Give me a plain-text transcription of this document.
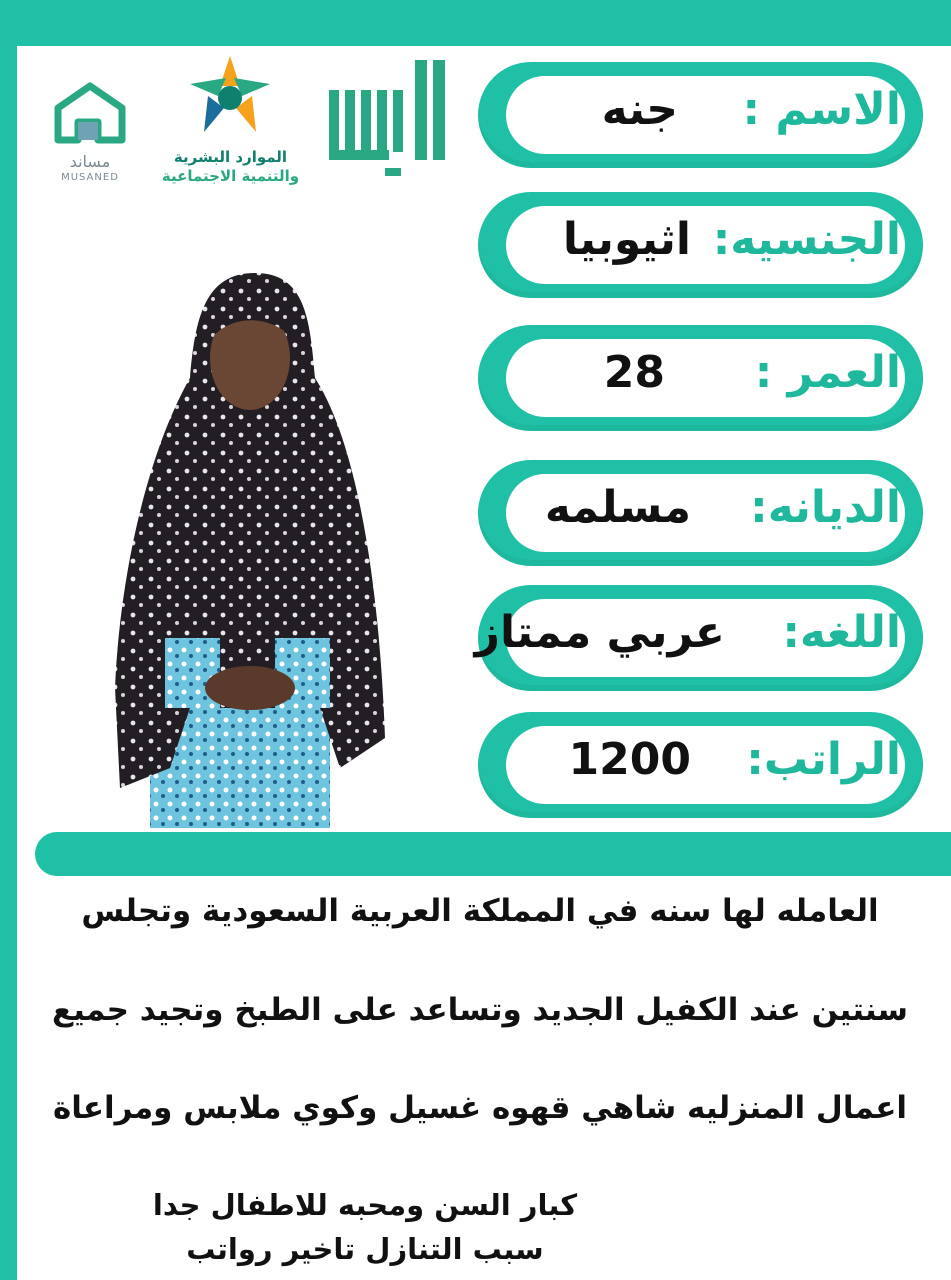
مساند
MUSANED
الموارد البشرية
والتنمية الاجتماعية
الاسم :
جنه
الجنسيه:
اثيوبيا
العمر :
28
الديانه:
مسلمه
اللغه:
عربي ممتاز
الراتب:
1200
العامله لها سنه في المملكة العربية السعودية وتجلس
سنتين عند الكفيل الجديد وتساعد على الطبخ وتجيد جميع
اعمال المنزليه شاهي قهوه غسيل وكوي ملابس ومراعاة
كبار السن ومحبه للاطفال جدا
سبب التنازل تاخير رواتب	حراج
